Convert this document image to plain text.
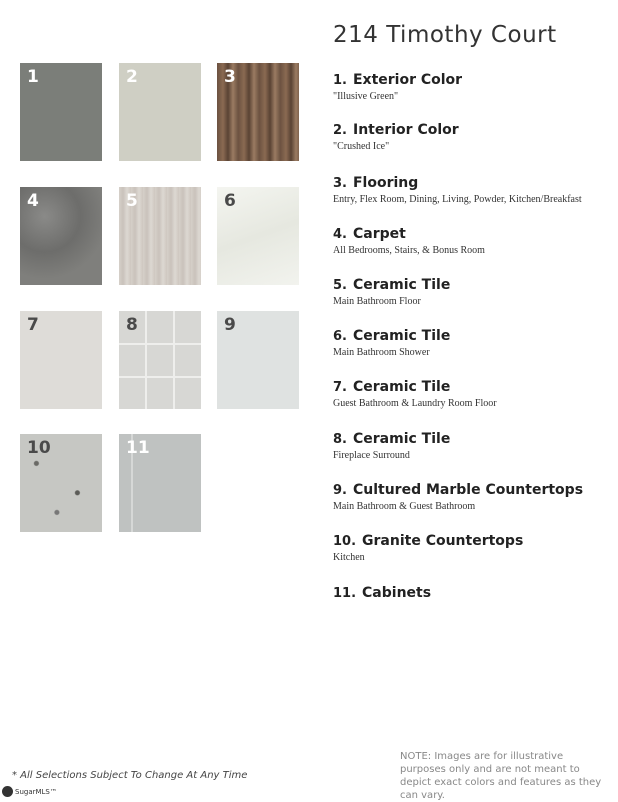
1	2	3
4	5	6
7	8	9
10	11
214 Timothy Court
1. Exterior Color
"Illusive Green"
2. Interior Color
"Crushed Ice"
3. Flooring
Entry, Flex Room, Dining, Living, Powder, Kitchen/Breakfast
4. Carpet
All Bedrooms, Stairs, & Bonus Room
5. Ceramic Tile
Main Bathroom Floor
6. Ceramic Tile
Main Bathroom Shower
7. Ceramic Tile
Guest Bathroom & Laundry Room Floor
8. Ceramic Tile
Fireplace Surround
9. Cultured Marble Countertops
Main Bathroom & Guest Bathroom
10. Granite Countertops
Kitchen
11. Cabinets
NOTE: Images are for illustrative purposes only and are not meant to depict exact colors and features as they can vary.
* All Selections Subject To Change At Any Time
SugarMLS™
